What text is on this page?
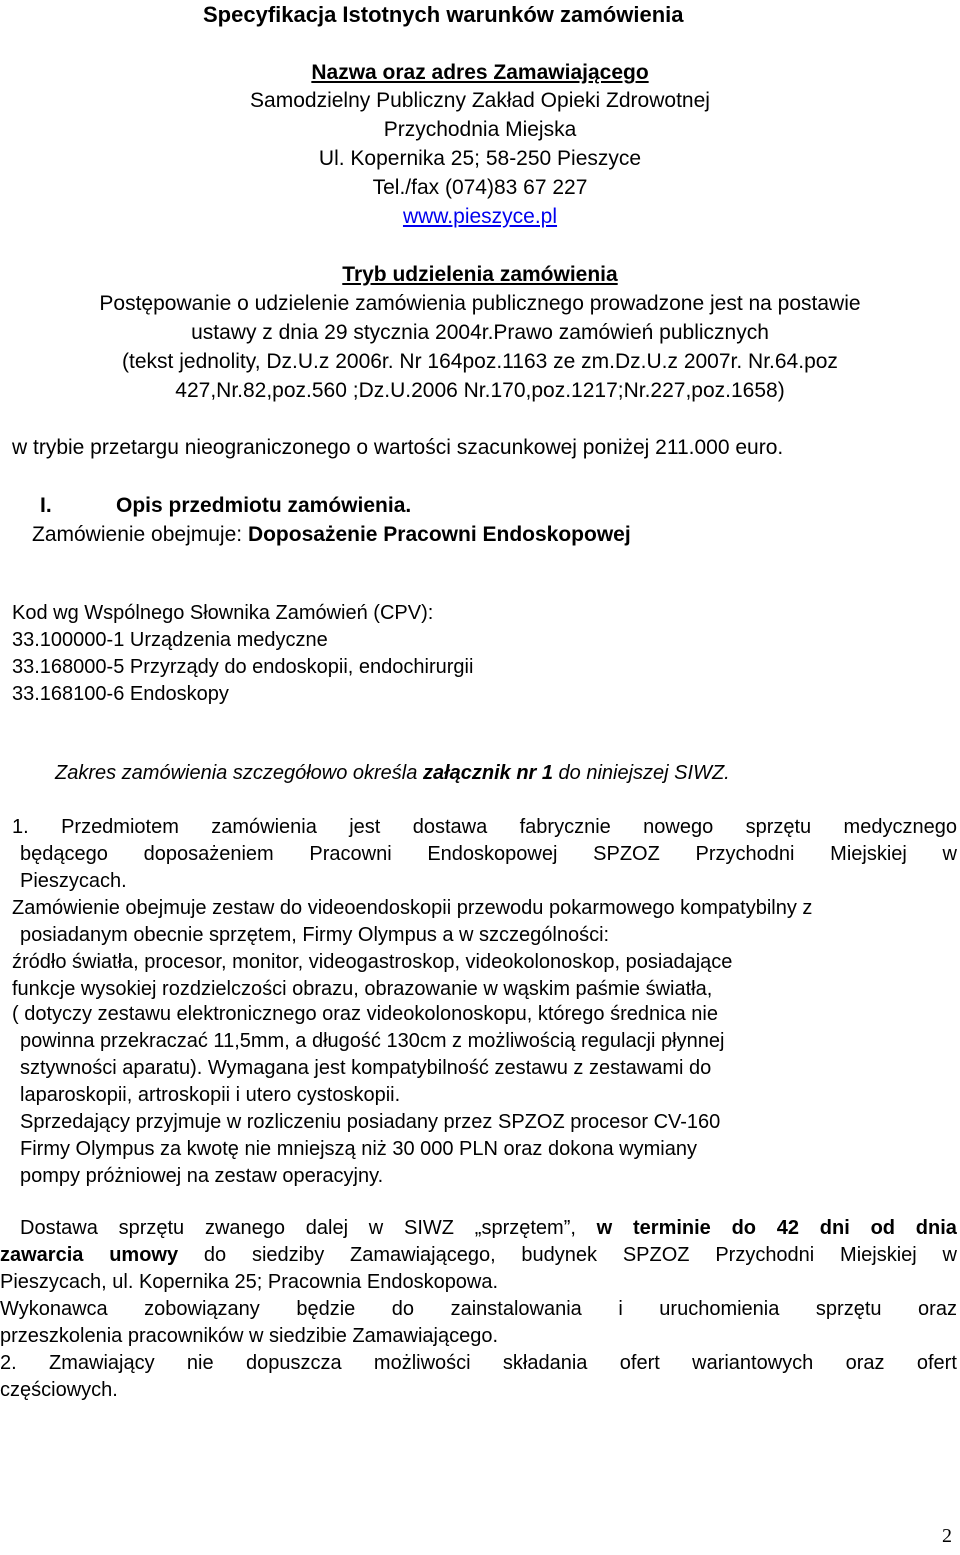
Specyfikacja Istotnych warunków zamówienia
Nazwa oraz adres Zamawiającego
Samodzielny Publiczny Zakład Opieki Zdrowotnej
Przychodnia Miejska
Ul. Kopernika 25; 58-250 Pieszyce
Tel./fax (074)83 67 227
www.pieszyce.pl
Tryb udzielenia zamówienia
Postępowanie o udzielenie zamówienia publicznego prowadzone jest na postawie
ustawy z dnia 29 stycznia 2004r.Prawo zamówień publicznych
(tekst jednolity, Dz.U.z 2006r. Nr 164poz.1163 ze zm.Dz.U.z 2007r. Nr.64.poz
427,Nr.82,poz.560 ;Dz.U.2006 Nr.170,poz.1217;Nr.227,poz.1658)
w trybie przetargu nieograniczonego o wartości szacunkowej poniżej 211.000 euro.
I.	Opis przedmiotu zamówienia.
Zamówienie obejmuje: Doposażenie Pracowni Endoskopowej
Kod wg Wspólnego Słownika Zamówień (CPV):
33.100000-1 Urządzenia medyczne
33.168000-5 Przyrządy do endoskopii, endochirurgii
33.168100-6 Endoskopy
Zakres zamówienia szczegółowo określa załącznik nr 1 do niniejszej SIWZ.
1. Przedmiotem zamówienia jest dostawa fabrycznie nowego sprzętu medycznego
będącego doposażeniem Pracowni Endoskopowej SPZOZ Przychodni Miejskiej w
Pieszycach.
Zamówienie obejmuje zestaw do videoendoskopii przewodu pokarmowego kompatybilny z
posiadanym obecnie sprzętem, Firmy Olympus a w szczególności:
źródło światła, procesor, monitor, videogastroskop, videokolonoskop, posiadające
funkcje wysokiej rozdzielczości obrazu, obrazowanie w wąskim paśmie światła,
( dotyczy zestawu elektronicznego oraz videokolonoskopu, którego średnica nie
powinna przekraczać 11,5mm, a długość 130cm z możliwością regulacji płynnej
sztywności aparatu). Wymagana jest kompatybilność zestawu z zestawami do
laparoskopii, artroskopii i utero cystoskopii.
Sprzedający przyjmuje w rozliczeniu posiadany przez SPZOZ procesor CV-160
Firmy Olympus za kwotę nie mniejszą niż 30 000 PLN oraz dokona wymiany
pompy próżniowej na zestaw operacyjny.
Dostawa sprzętu zwanego dalej w SIWZ „sprzętem”, w terminie do 42 dni od dnia
zawarcia umowy do siedziby Zamawiającego, budynek SPZOZ Przychodni Miejskiej w
Pieszycach, ul. Kopernika 25; Pracownia Endoskopowa.
Wykonawca zobowiązany będzie do zainstalowania i uruchomienia sprzętu oraz
przeszkolenia pracowników w siedzibie Zamawiającego.
2. Zmawiający nie dopuszcza możliwości składania ofert wariantowych oraz ofert
częściowych.
2
